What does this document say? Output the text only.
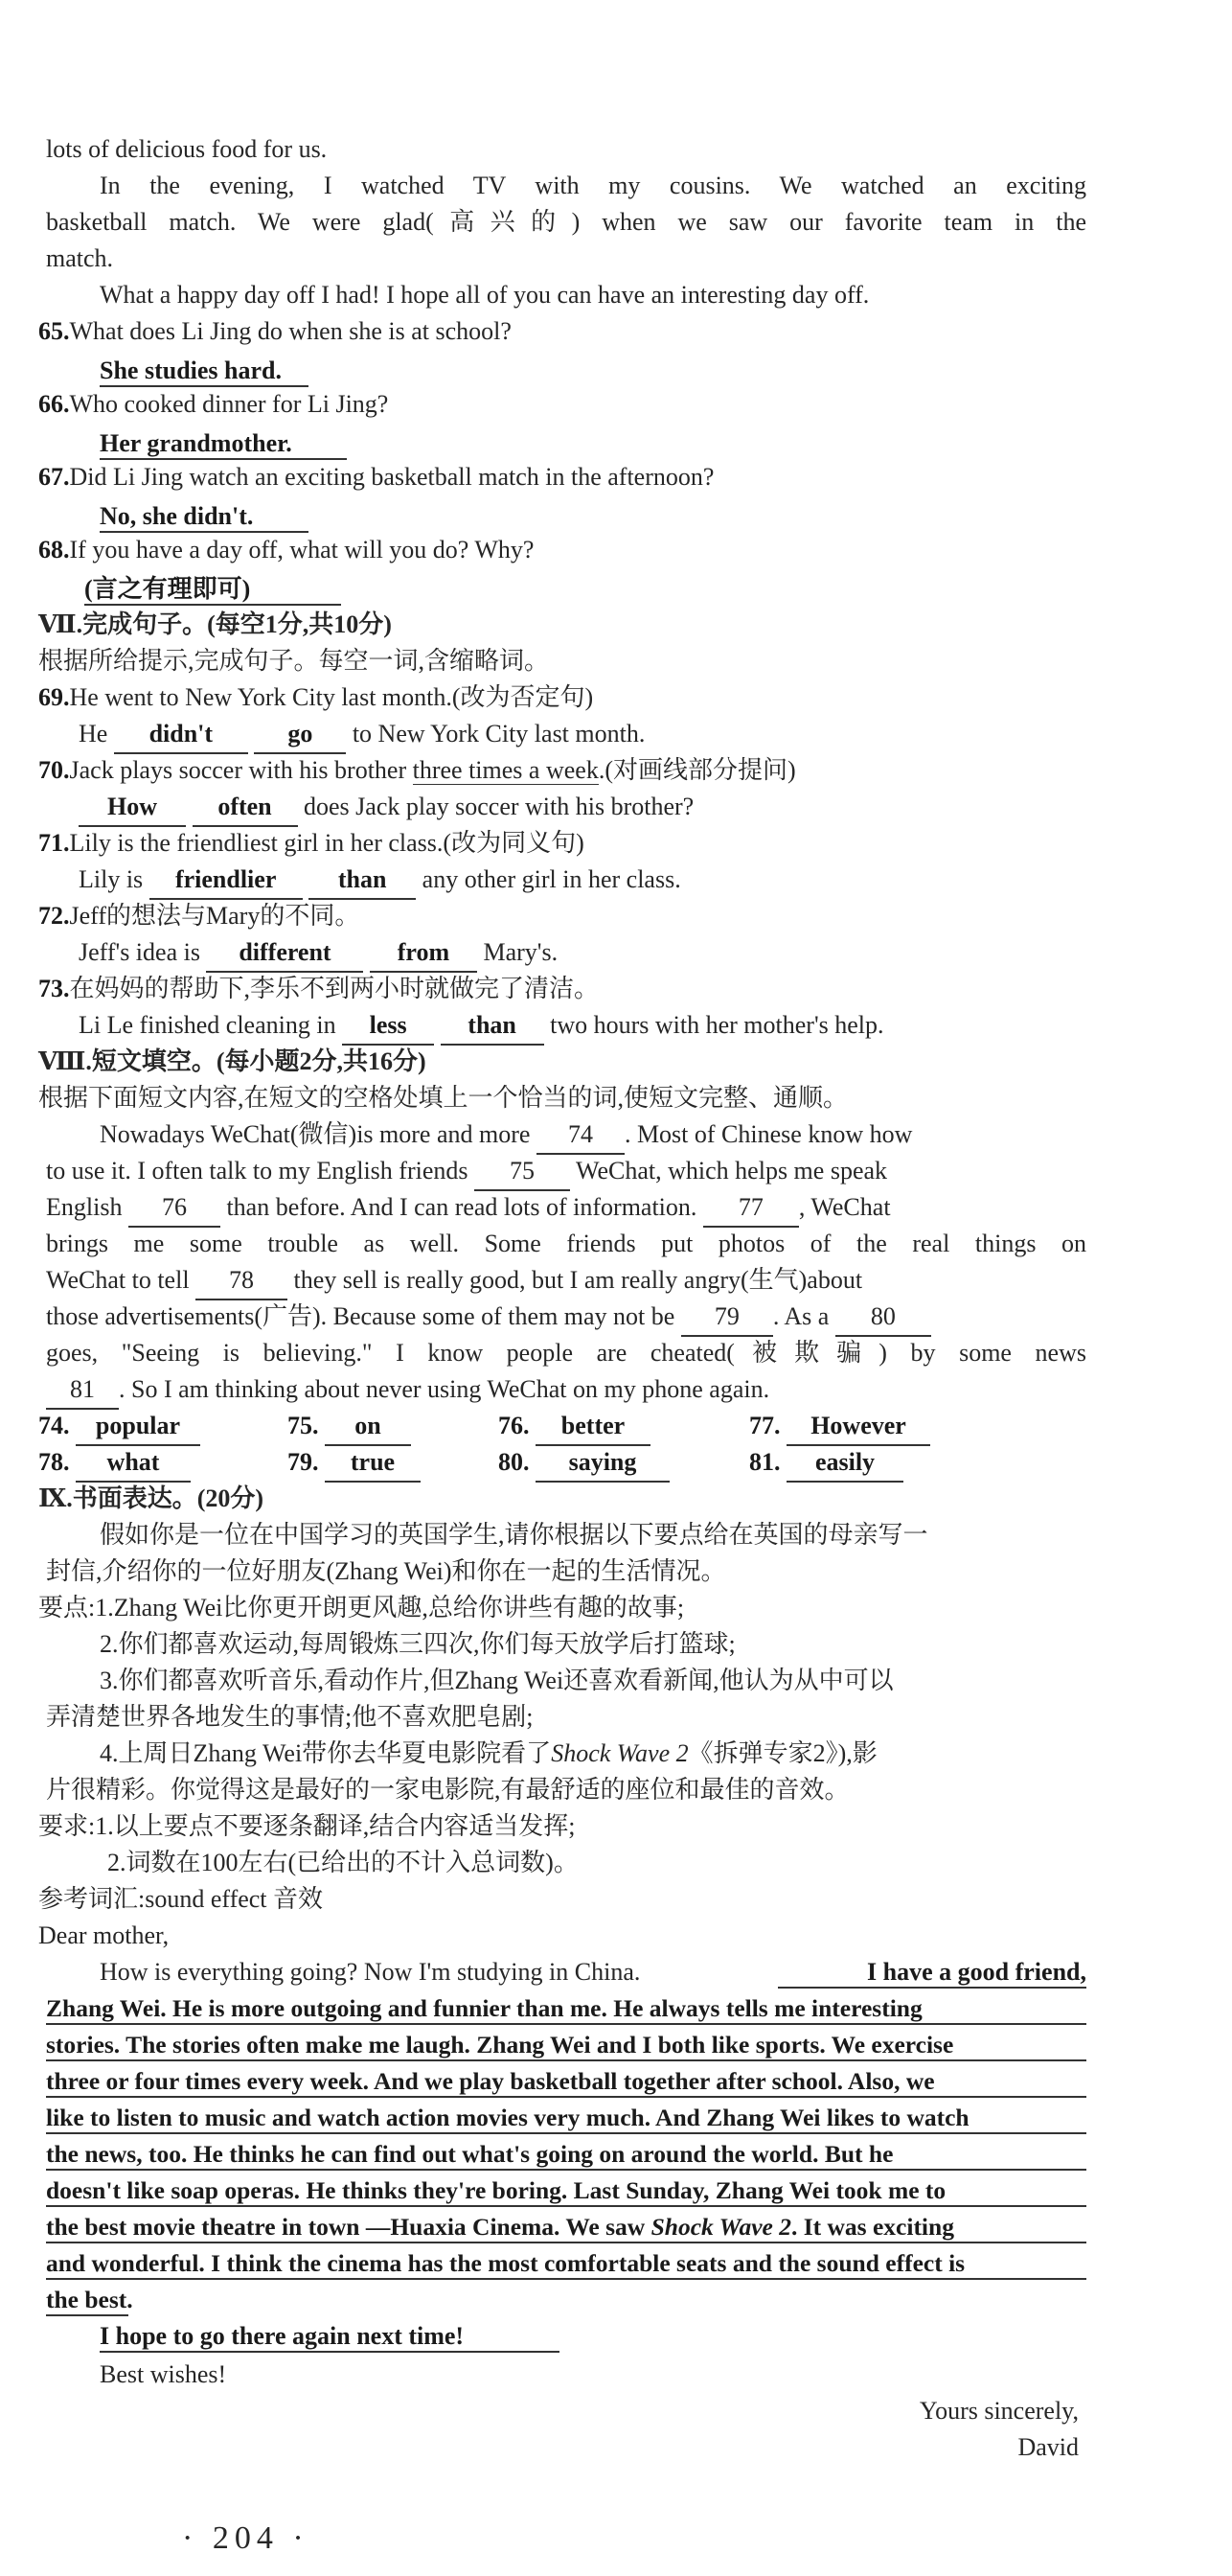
lots of delicious food for us.
In the evening, I watched TV with my cousins. We watched an exciting
basketball match. We were glad(高兴的) when we saw our favorite team in the
match.
What a happy day off I had! I hope all of you can have an interesting day off.
65.What does Li Jing do when she is at school?
She studies hard.
66.Who cooked dinner for Li Jing?
Her grandmother.
67.Did Li Jing watch an exciting basketball match in the afternoon?
No, she didn't.
68.If you have a day off, what will you do? Why?
(言之有理即可)
Ⅶ.完成句子。(每空1分,共10分)
根据所给提示,完成句子。每空一词,含缩略词。
69.He went to New York City last month.(改为否定句)
He didn't	go to New York City last month.
70.Jack plays soccer with his brother three times a week.(对画线部分提问)
How often does Jack play soccer with his brother?
71.Lily is the friendliest girl in her class.(改为同义句)
Lily is friendlier than any other girl in her class.
72.Jeff的想法与Mary的不同。
Jeff's idea is different	from Mary's.
73.在妈妈的帮助下,李乐不到两小时就做完了清洁。
Li Le finished cleaning in less than two hours with her mother's help.
Ⅷ.短文填空。(每小题2分,共16分)
根据下面短文内容,在短文的空格处填上一个恰当的词,使短文完整、通顺。
Nowadays WeChat(微信)is more and more 74 . Most of Chinese know how
to use it. I often talk to my English friends 75 WeChat, which helps me speak
English 76 than before. And I can read lots of information. 77 , WeChat
brings me some trouble as well. Some friends put photos of the real things on
WeChat to tell 78 they sell is really good, but I am really angry(生气)about
those advertisements(广告). Because some of them may not be 79 . As a 80
goes, "Seeing is believing." I know people are cheated(被欺骗) by some news
81 . So I am thinking about never using WeChat on my phone again.
74. popular	75. on	76. better	77. However
78. what	79. true	80. saying	81. easily
Ⅸ.书面表达。(20分)
假如你是一位在中国学习的英国学生,请你根据以下要点给在英国的母亲写一
封信,介绍你的一位好朋友(Zhang Wei)和你在一起的生活情况。
要点:1.Zhang Wei比你更开朗更风趣,总给你讲些有趣的故事;
2.你们都喜欢运动,每周锻炼三四次,你们每天放学后打篮球;
3.你们都喜欢听音乐,看动作片,但Zhang Wei还喜欢看新闻,他认为从中可以
弄清楚世界各地发生的事情;他不喜欢肥皂剧;
4.上周日Zhang Wei带你去华夏电影院看了Shock Wave 2《拆弹专家2》),影
片很精彩。你觉得这是最好的一家电影院,有最舒适的座位和最佳的音效。
要求:1.以上要点不要逐条翻译,结合内容适当发挥;
2.词数在100左右(已给出的不计入总词数)。
参考词汇:sound effect 音效
Dear mother,
How is everything going? Now I'm studying in China.	I have a good friend,
Zhang Wei. He is more outgoing and funnier than me. He always tells me interesting
stories. The stories often make me laugh. Zhang Wei and I both like sports. We exercise
three or four times every week. And we play basketball together after school. Also, we
like to listen to music and watch action movies very much. And Zhang Wei likes to watch
the news, too. He thinks he can find out what's going on around the world. But he
doesn't like soap operas. He thinks they're boring. Last Sunday, Zhang Wei took me to
the best movie theatre in town —Huaxia Cinema. We saw Shock Wave 2. It was exciting
and wonderful. I think the cinema has the most comfortable seats and the sound effect is
the best.
I hope to go there again next time!
Best wishes!
Yours sincerely,
David
· 204 ·
